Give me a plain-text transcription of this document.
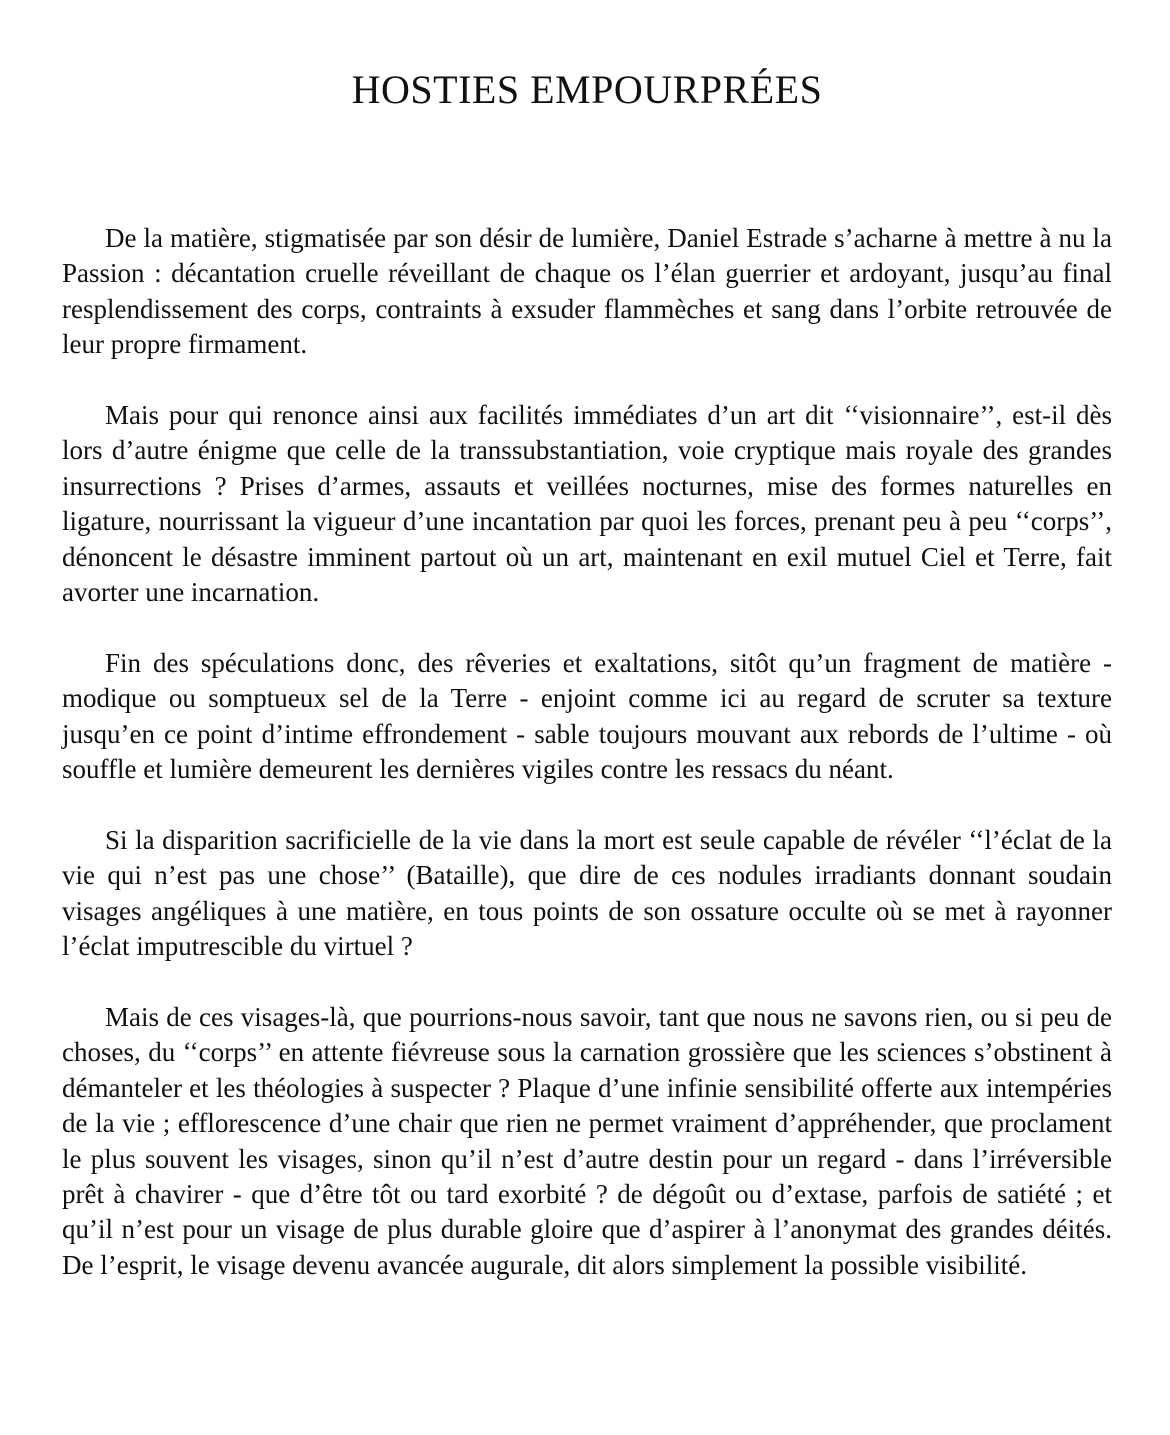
HOSTIES EMPOURPRÉES

De la matière, stigmatisée par son désir de lumière, Daniel Estrade s’acharne à mettre à nu la Passion : décantation cruelle réveillant de chaque os l’élan guerrier et ardoyant, jusqu’au final resplendissement des corps, contraints à exsuder flammèches et sang dans l’orbite retrouvée de leur propre firmament.

Mais pour qui renonce ainsi aux facilités immédiates d’un art dit ‘‘visionnaire’’, est-il dès lors d’autre énigme que celle de la transsubstantiation, voie cryptique mais royale des grandes insurrections ? Prises d’armes, assauts et veillées nocturnes, mise des formes naturelles en ligature, nourrissant la vigueur d’une incantation par quoi les forces, prenant peu à peu ‘‘corps’’, dénoncent le désastre imminent partout où un art, maintenant en exil mutuel Ciel et Terre, fait avorter une incarnation.

Fin des spéculations donc, des rêveries et exaltations, sitôt qu’un fragment de matière - modique ou somptueux sel de la Terre - enjoint comme ici au regard de scruter sa texture jusqu’en ce point d’intime effrondement - sable toujours mouvant aux rebords de l’ultime - où souffle et lumière demeurent les dernières vigiles contre les ressacs du néant.

Si la disparition sacrificielle de la vie dans la mort est seule capable de révéler ‘‘l’éclat de la vie qui n’est pas une chose’’ (Bataille), que dire de ces nodules irradiants donnant soudain visages angéliques à une matière, en tous points de son ossature occulte où se met à rayonner l’éclat imputrescible du virtuel ?

Mais de ces visages-là, que pourrions-nous savoir, tant que nous ne savons rien, ou si peu de choses, du ‘‘corps’’ en attente fiévreuse sous la carnation grossière que les sciences s’obstinent à démanteler et les théologies à suspecter ? Plaque d’une infinie sensibilité offerte aux intempéries de la vie ; efflorescence d’une chair que rien ne permet vraiment d’appréhender, que proclament le plus souvent les visages, sinon qu’il n’est d’autre destin pour un regard - dans l’irréversible prêt à chavirer - que d’être tôt ou tard exorbité ? de dégoût ou d’extase, parfois de satiété ; et qu’il n’est pour un visage de plus durable gloire que d’aspirer à l’anonymat des grandes déités. De l’esprit, le visage devenu avancée augurale, dit alors simplement la possible visibilité.
